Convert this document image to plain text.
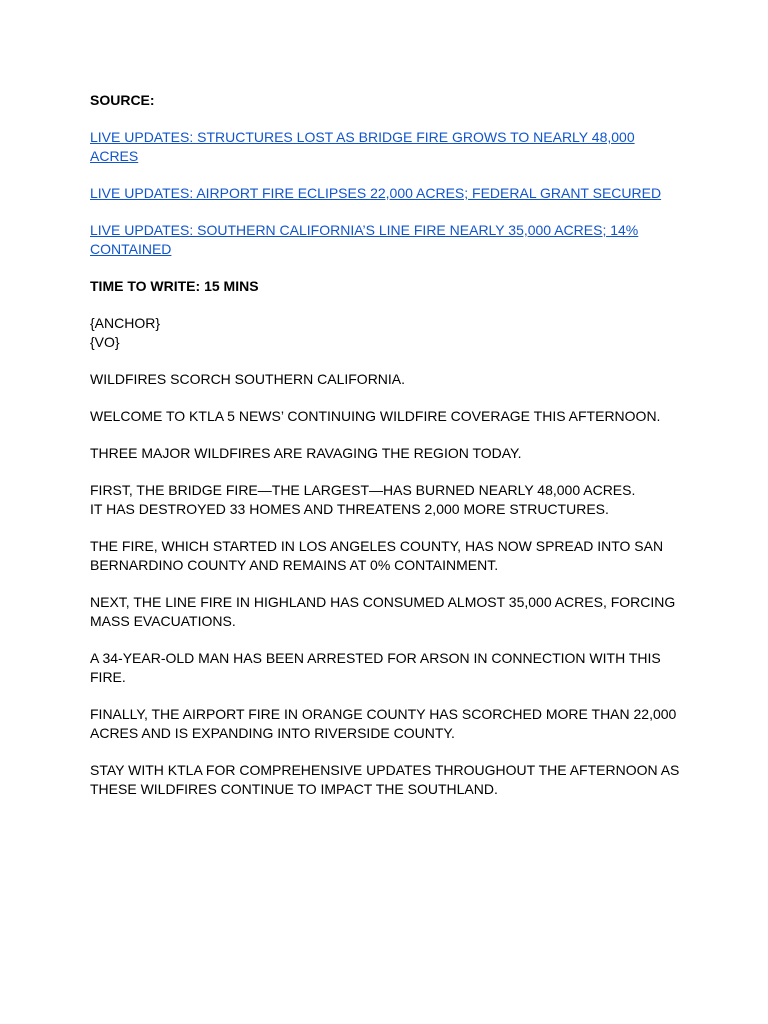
SOURCE:

LIVE UPDATES: STRUCTURES LOST AS BRIDGE FIRE GROWS TO NEARLY 48,000 ACRES

LIVE UPDATES: AIRPORT FIRE ECLIPSES 22,000 ACRES; FEDERAL GRANT SECURED

LIVE UPDATES: SOUTHERN CALIFORNIA’S LINE FIRE NEARLY 35,000 ACRES; 14% CONTAINED

TIME TO WRITE: 15 MINS

{ANCHOR}
{VO}

WILDFIRES SCORCH SOUTHERN CALIFORNIA.

WELCOME TO KTLA 5 NEWS’ CONTINUING WILDFIRE COVERAGE THIS AFTERNOON.

THREE MAJOR WILDFIRES ARE RAVAGING THE REGION TODAY.

FIRST, THE BRIDGE FIRE—THE LARGEST—HAS BURNED NEARLY 48,000 ACRES.
IT HAS DESTROYED 33 HOMES AND THREATENS 2,000 MORE STRUCTURES.

THE FIRE, WHICH STARTED IN LOS ANGELES COUNTY, HAS NOW SPREAD INTO SAN BERNARDINO COUNTY AND REMAINS AT 0% CONTAINMENT.

NEXT, THE LINE FIRE IN HIGHLAND HAS CONSUMED ALMOST 35,000 ACRES, FORCING MASS EVACUATIONS.

A 34-YEAR-OLD MAN HAS BEEN ARRESTED FOR ARSON IN CONNECTION WITH THIS FIRE.

FINALLY, THE AIRPORT FIRE IN ORANGE COUNTY HAS SCORCHED MORE THAN 22,000 ACRES AND IS EXPANDING INTO RIVERSIDE COUNTY.

STAY WITH KTLA FOR COMPREHENSIVE UPDATES THROUGHOUT THE AFTERNOON AS THESE WILDFIRES CONTINUE TO IMPACT THE SOUTHLAND.
